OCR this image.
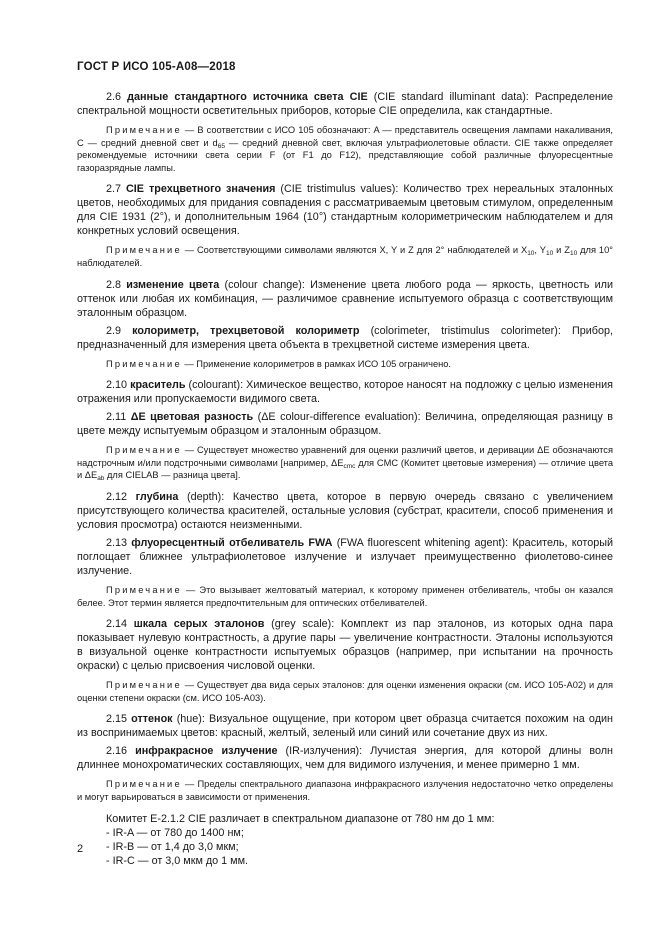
ГОСТ Р ИСО 105-А08—2018

2.6 данные стандартного источника света CIE (CIE standard illuminant data): Распределение спектральной мощности осветительных приборов, которые CIE определила, как стандартные.

Примечание — В соответствии с ИСО 105 обозначают: A — представитель освещения лампами накаливания, C — средний дневной свет и $d_{65}$ — средний дневной свет, включая ультрафиолетовые области. CIE также определяет рекомендуемые источники света серии F (от F1 до F12), представляющие собой различные флуоресцентные газоразрядные лампы.

2.7 CIE трехцветного значения (CIE tristimulus values): Количество трех нереальных эталонных цветов, необходимых для придания совпадения с рассматриваемым цветовым стимулом, определенным для CIE 1931 (2°), и дополнительным 1964 (10°) стандартным колориметрическим наблюдателем и для конкретных условий освещения.

Примечание — Соответствующими символами являются X, Y и Z для 2° наблюдателей и $X_{10}$, $Y_{10}$ и $Z_{10}$ для 10° наблюдателей.

2.8 изменение цвета (colour change): Изменение цвета любого рода — яркость, цветность или оттенок или любая их комбинация, — различимое сравнение испытуемого образца с соответствующим эталонным образцом.

2.9 колориметр, трехцветовой колориметр (colorimeter, tristimulus colorimeter): Прибор, предназначенный для измерения цвета объекта в трехцветной системе измерения цвета.

Примечание — Применение колориметров в рамках ИСО 105 ограничено.

2.10 краситель (colourant): Химическое вещество, которое наносят на подложку с целью изменения отражения или пропускаемости видимого света.

2.11 ΔE цветовая разность (ΔE colour-difference evaluation): Величина, определяющая разницу в цвете между испытуемым образцом и эталонным образцом.

Примечание — Существует множество уравнений для оценки различий цветов, и деривации ΔE обозначаются надстрочным и/или подстрочными символами [например, $\Delta E_{cmc}$ для CMC (Комитет цветовые измерения) — отличие цвета и $\Delta E_{ab}$ для CIELAB — разница цвета].

2.12 глубина (depth): Качество цвета, которое в первую очередь связано с увеличением присутствующего количества красителей, остальные условия (субстрат, красители, способ применения и условия просмотра) остаются неизменными.

2.13 флуоресцентный отбеливатель FWA (FWA fluorescent whitening agent): Краситель, который поглощает ближнее ультрафиолетовое излучение и излучает преимущественно фиолетово-синее излучение.

Примечание — Это вызывает желтоватый материал, к которому применен отбеливатель, чтобы он казался белее. Этот термин является предпочтительным для оптических отбеливателей.

2.14 шкала серых эталонов (grey scale): Комплект из пар эталонов, из которых одна пара показывает нулевую контрастность, а другие пары — увеличение контрастности. Эталоны используются в визуальной оценке контрастности испытуемых образцов (например, при испытании на прочность окраски) с целью присвоения числовой оценки.

Примечание — Существует два вида серых эталонов: для оценки изменения окраски (см. ИСО 105-А02) и для оценки степени окраски (см. ИСО 105-А03).

2.15 оттенок (hue): Визуальное ощущение, при котором цвет образца считается похожим на один из воспринимаемых цветов: красный, желтый, зеленый или синий или сочетание двух из них.

2.16 инфракрасное излучение (IR-излучения): Лучистая энергия, для которой длины волн длиннее монохроматических составляющих, чем для видимого излучения, и менее примерно 1 мм.

Примечание — Пределы спектрального диапазона инфракрасного излучения недостаточно четко определены и могут варьироваться в зависимости от применения.

Комитет Е-2.1.2 CIE различает в спектральном диапазоне от 780 нм до 1 мм:

- IR-A — от 780 до 1400 нм;

- IR-B — от 1,4 до 3,0 мкм;

- IR-C — от 3,0 мкм до 1 мм.

2
